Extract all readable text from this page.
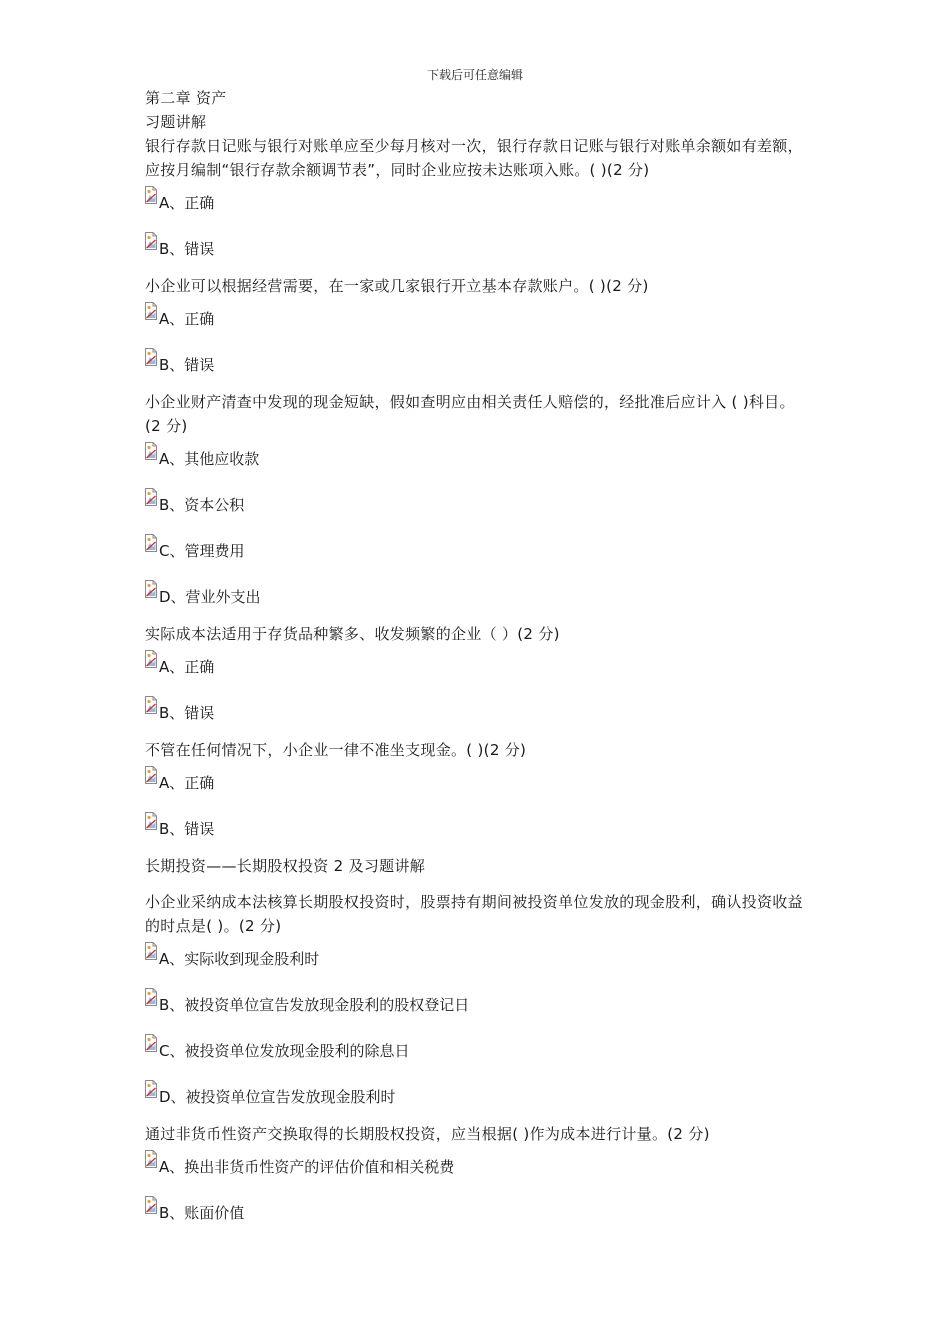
下载后可任意编辑
第二章 资产
习题讲解
银行存款日记账与银行对账单应至少每月核对一次，银行存款日记账与银行对账单余额如有差额，应按月编制“银行存款余额调节表”，同时企业应按未达账项入账。( )(2 分)
A、正确
B、错误
小企业可以根据经营需要，在一家或几家银行开立基本存款账户。( )(2 分)
A、正确
B、错误
小企业财产清查中发现的现金短缺，假如查明应由相关责任人赔偿的，经批准后应计入 ( )科目。(2 分)
A、其他应收款
B、资本公积
C、管理费用
D、营业外支出
实际成本法适用于存货品种繁多、收发频繁的企业（ ）(2 分)
A、正确
B、错误
不管在任何情况下，小企业一律不准坐支现金。( )(2 分)
A、正确
B、错误
长期投资——长期股权投资 2 及习题讲解
小企业采纳成本法核算长期股权投资时，股票持有期间被投资单位发放的现金股利，确认投资收益的时点是( )。(2 分)
A、实际收到现金股利时
B、被投资单位宣告发放现金股利的股权登记日
C、被投资单位发放现金股利的除息日
D、被投资单位宣告发放现金股利时
通过非货币性资产交换取得的长期股权投资，应当根据( )作为成本进行计量。(2 分)
A、换出非货币性资产的评估价值和相关税费
B、账面价值
